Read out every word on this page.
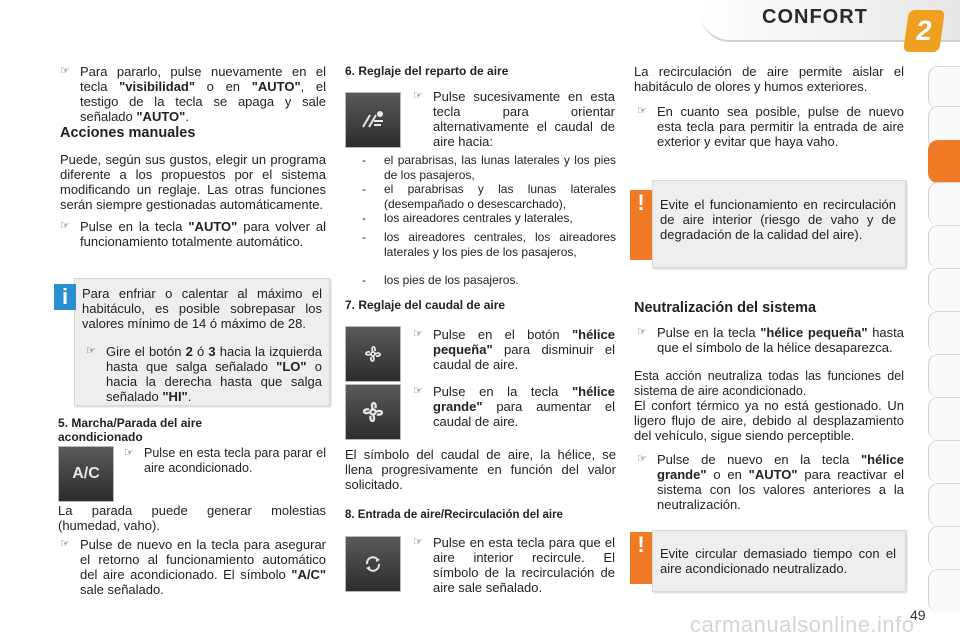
CONFORT 2
☞ Para pararlo, pulse nuevamente en el tecla "visibilidad" o en "AUTO", el testigo de la tecla se apaga y sale señalado "AUTO".
Acciones manuales
Puede, según sus gustos, elegir un programa diferente a los propuestos por el sistema modificando un reglaje. Las otras funciones serán siempre gestionadas automáticamente.
☞ Pulse en la tecla "AUTO" para volver al funcionamiento totalmente automático.
i	Para enfriar o calentar al máximo el habitáculo, es posible sobrepasar los valores mínimo de 14 ó máximo de 28.
☞ Gire el botón 2 ó 3 hacia la izquierda hasta que salga señalado "LO" o hacia la derecha hasta que salga señalado "HI".
5. Marcha/Parada del aire acondicionado
A/C
☞ Pulse en esta tecla para parar el aire acondicionado.
La parada puede generar molestias (humedad, vaho).
☞ Pulse de nuevo en la tecla para asegurar el retorno al funcionamiento automático del aire acondicionado. El símbolo "A/C" sale señalado.
6. Reglaje del reparto de aire
☞ Pulse sucesivamente en esta tecla para orientar alternativamente el caudal de aire hacia:
- el parabrisas, las lunas laterales y los pies de los pasajeros,
- el parabrisas y las lunas laterales (desempañado o desescarchado),
- los aireadores centrales y laterales,
- los aireadores centrales, los aireadores laterales y los pies de los pasajeros,
- los pies de los pasajeros.
7. Reglaje del caudal de aire
☞ Pulse en el botón "hélice pequeña" para disminuir el caudal de aire.
☞ Pulse en la tecla "hélice grande" para aumentar el caudal de aire.
El símbolo del caudal de aire, la hélice, se llena progresivamente en función del valor solicitado.
8. Entrada de aire/Recirculación del aire
☞ Pulse en esta tecla para que el aire interior recircule. El símbolo de la recirculación de aire sale señalado.
La recirculación de aire permite aislar el habitáculo de olores y humos exteriores.
☞ En cuanto sea posible, pulse de nuevo esta tecla para permitir la entrada de aire exterior y evitar que haya vaho.
!	Evite el funcionamiento en recirculación de aire interior (riesgo de vaho y de degradación de la calidad del aire).
Neutralización del sistema
☞ Pulse en la tecla "hélice pequeña" hasta que el símbolo de la hélice desaparezca.
Esta acción neutraliza todas las funciones del sistema de aire acondicionado.
El confort térmico ya no está gestionado. Un ligero flujo de aire, debido al desplazamiento del vehículo, sigue siendo perceptible.
☞ Pulse de nuevo en la tecla "hélice grande" o en "AUTO" para reactivar el sistema con los valores anteriores a la neutralización.
!	Evite circular demasiado tiempo con el aire acondicionado neutralizado.
49
carmanualsonline.info
